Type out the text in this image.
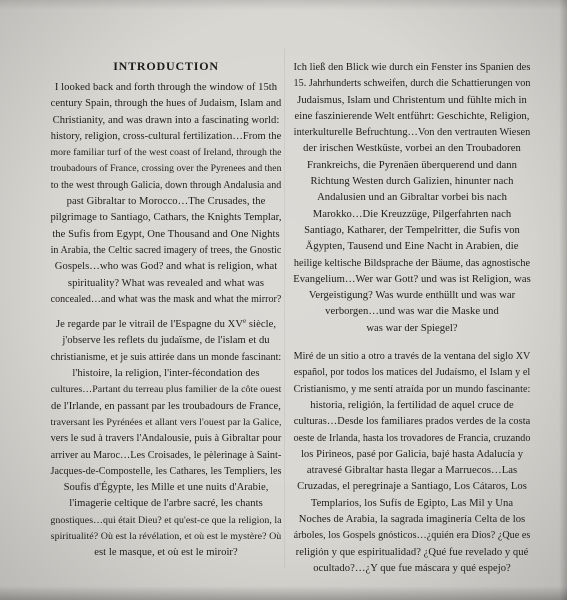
INTRODUCTION
I looked back and forth through the window of 15th
century Spain, through the hues of Judaism, Islam and
Christianity, and was drawn into a fascinating world:
history, religion, cross-cultural fertilization…From the
more familiar turf of the west coast of Ireland, through the
troubadours of France, crossing over the Pyrenees and then
to the west through Galicia, down through Andalusia and
past Gibraltar to Morocco…The Crusades, the
pilgrimage to Santiago, Cathars, the Knights Templar,
the Sufis from Egypt, One Thousand and One Nights
in Arabia, the Celtic sacred imagery of trees, the Gnostic
Gospels…who was God? and what is religion, what
spirituality? What was revealed and what was
concealed…and what was the mask and what the mirror?
Je regarde par le vitrail de l'Espagne du XVe siècle,
j'observe les reflets du judaïsme, de l'islam et du
christianisme, et je suis attirée dans un monde fascinant:
l'histoire, la religion, l'inter-fécondation des
cultures…Partant du terreau plus familier de la côte ouest
de l'Irlande, en passant par les troubadours de France,
traversant les Pyrénées et allant vers l'ouest par la Galice,
vers le sud à travers l'Andalousie, puis à Gibraltar pour
arriver au Maroc…Les Croisades, le pèlerinage à Saint-
Jacques-de-Compostelle, les Cathares, les Templiers, les
Soufis d'Égypte, les Mille et une nuits d'Arabie,
l'imagerie celtique de l'arbre sacré, les chants
gnostiques…qui était Dieu? et qu'est-ce que la religion, la
spiritualité? Où est la révélation, et où est le mystère? Où
est le masque, et où est le miroir?
Ich ließ den Blick wie durch ein Fenster ins Spanien des
15. Jahrhunderts schweifen, durch die Schattierungen von
Judaismus, Islam und Christentum und fühlte mich in
eine faszinierende Welt entführt: Geschichte, Religion,
interkulturelle Befruchtung…Von den vertrauten Wiesen
der irischen Westküste, vorbei an den Troubadoren
Frankreichs, die Pyrenäen überquerend und dann
Richtung Westen durch Galizien, hinunter nach
Andalusien und an Gibraltar vorbei bis nach
Marokko…Die Kreuzzüge, Pilgerfahrten nach
Santiago, Katharer, der Tempelritter, die Sufis von
Ägypten, Tausend und Eine Nacht in Arabien, die
heilige keltische Bildsprache der Bäume, das agnostische
Evangelium…Wer war Gott? und was ist Religion, was
Vergeistigung? Was wurde enthüllt und was war
verborgen…und was war die Maske und
was war der Spiegel?
Miré de un sitio a otro a través de la ventana del siglo XV
español, por todos los matices del Judaísmo, el Islam y el
Cristianismo, y me sentí atraída por un mundo fascinante:
historia, religión, la fertilidad de aquel cruce de
culturas…Desde los familiares prados verdes de la costa
oeste de Irlanda, hasta los trovadores de Francia, cruzando
los Pirineos, pasé por Galicia, bajé hasta Adalucía y
atravesé Gibraltar hasta llegar a Marruecos…Las
Cruzadas, el peregrinaje a Santiago, Los Cátaros, Los
Templarios, los Sufís de Egipto, Las Mil y Una
Noches de Arabia, la sagrada imaginería Celta de los
árboles, los Gospels gnósticos…¿quién era Dios? ¿Que es
religión y que espiritualidad? ¿Qué fue revelado y qué
ocultado?…¿Y que fue máscara y qué espejo?
